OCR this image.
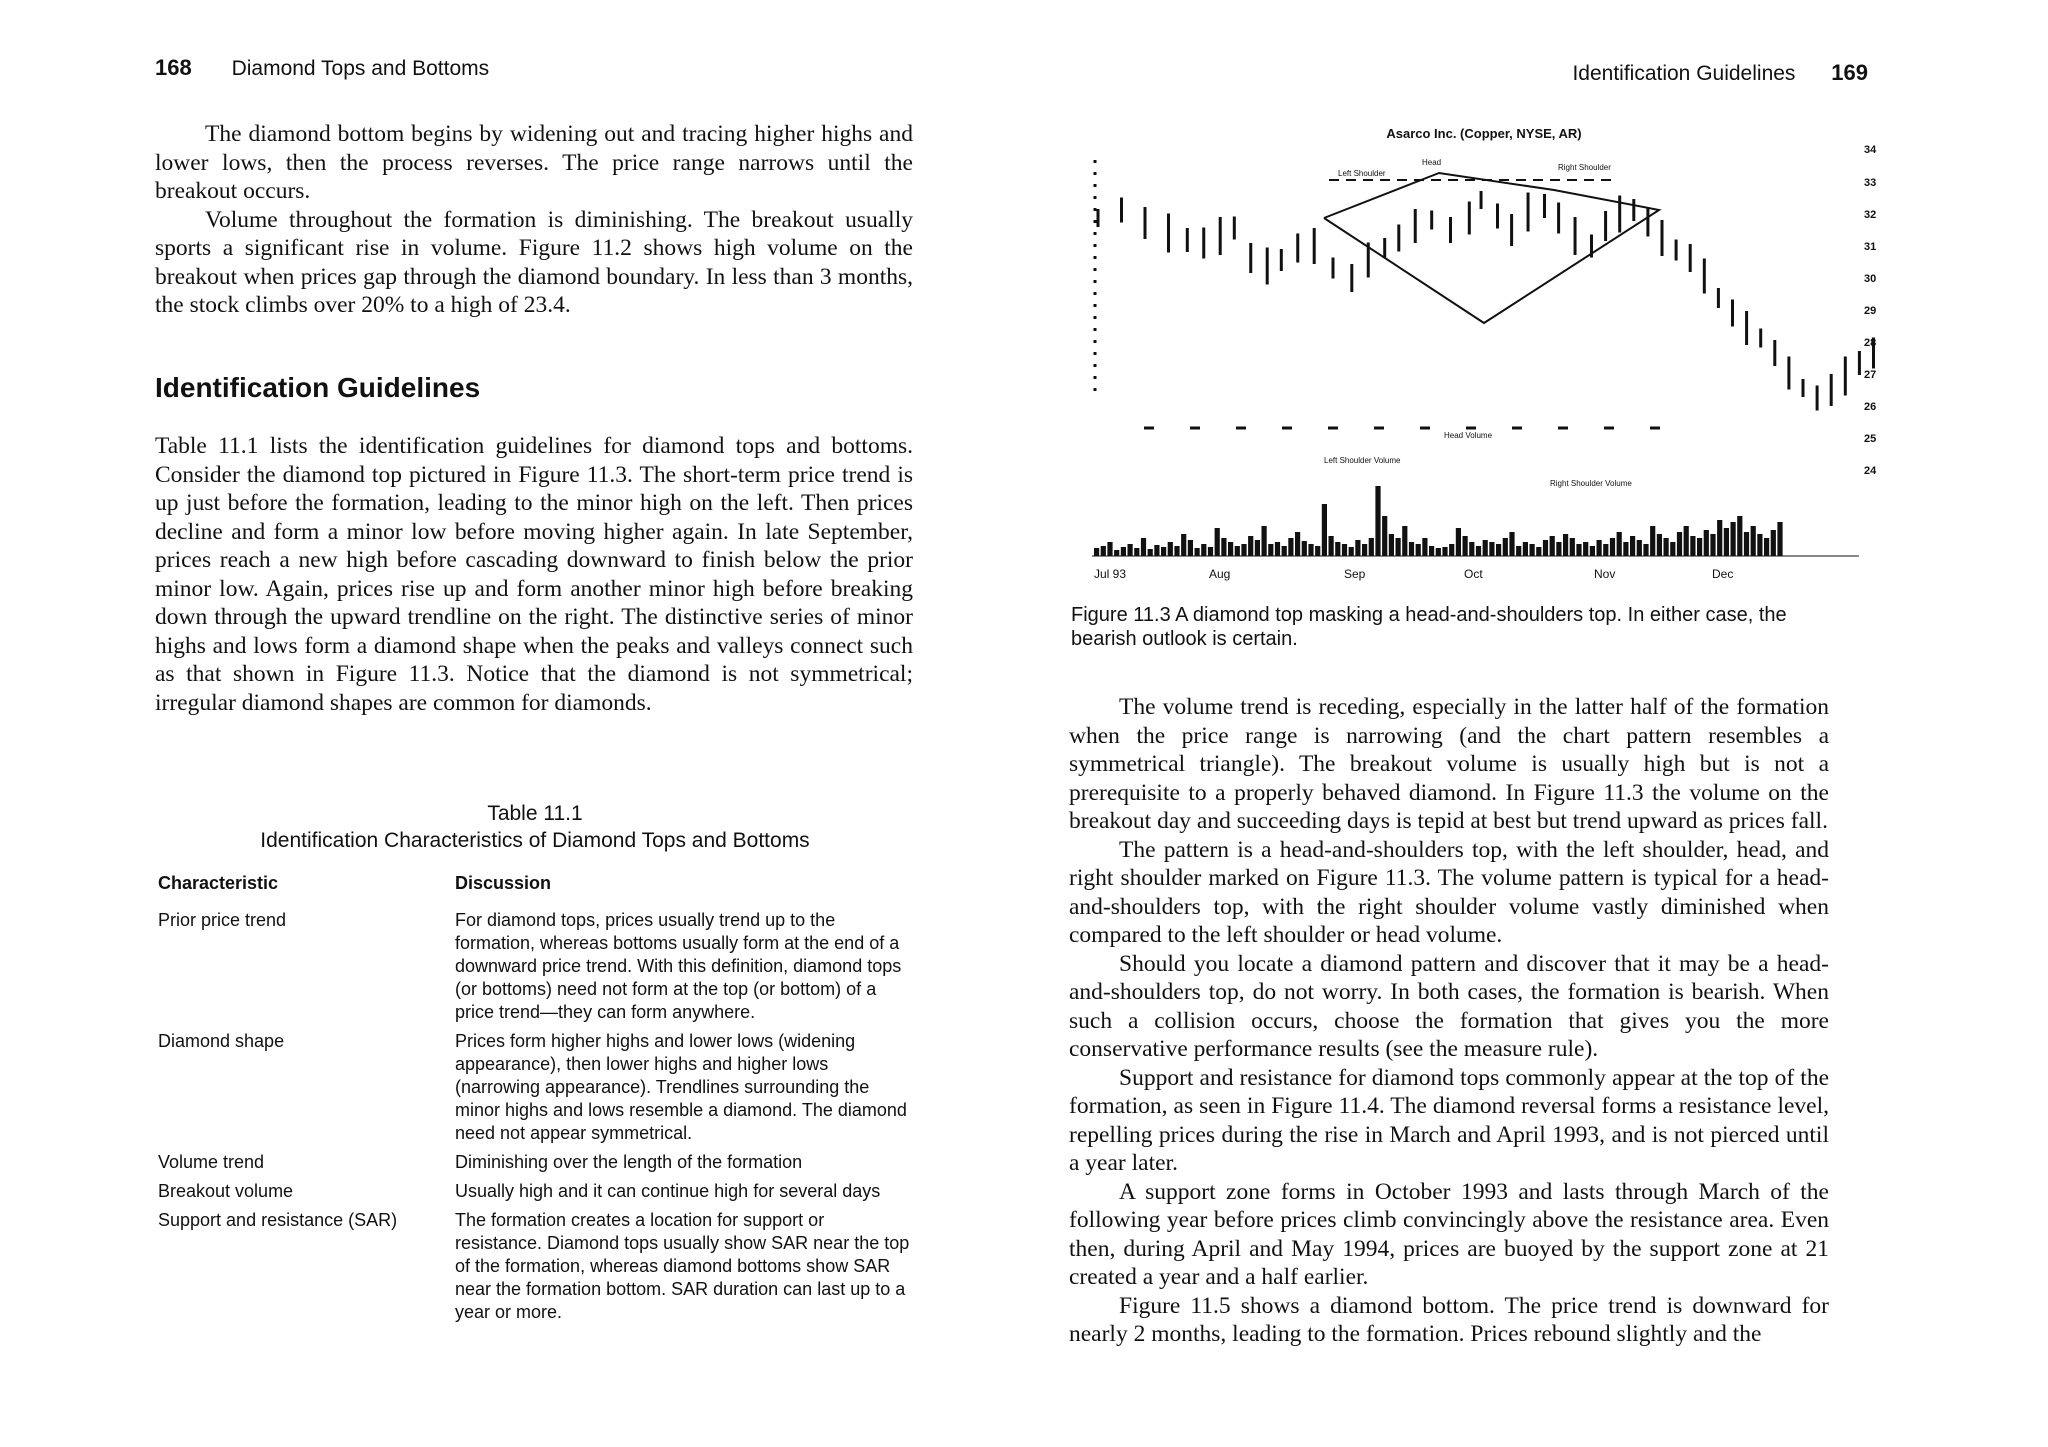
168 Diamond Tops and Bottoms

The diamond bottom begins by widening out and tracing higher highs and lower lows, then the process reverses. The price range narrows until the breakout occurs.

Volume throughout the formation is diminishing. The breakout usually sports a significant rise in volume. Figure 11.2 shows high volume on the breakout when prices gap through the diamond boundary. In less than 3 months, the stock climbs over 20% to a high of 23.4.

Identification Guidelines

Table 11.1 lists the identification guidelines for diamond tops and bottoms. Consider the diamond top pictured in Figure 11.3. The short-term price trend is up just before the formation, leading to the minor high on the left. Then prices decline and form a minor low before moving higher again. In late September, prices reach a new high before cascading downward to finish below the prior minor low. Again, prices rise up and form another minor high before breaking down through the upward trendline on the right. The distinctive series of minor highs and lows form a diamond shape when the peaks and valleys connect such as that shown in Figure 11.3. Notice that the diamond is not symmetrical; irregular diamond shapes are common for diamonds.

Table 11.1
Identification Characteristics of Diamond Tops and Bottoms
Characteristic	Discussion
Prior price trend	For diamond tops, prices usually trend up to the formation, whereas bottoms usually form at the end of a downward price trend. With this definition, diamond tops (or bottoms) need not form at the top (or bottom) of a price trend—they can form anywhere.
Diamond shape	Prices form higher highs and lower lows (widening appearance), then lower highs and higher lows (narrowing appearance). Trendlines surrounding the minor highs and lows resemble a diamond. The diamond need not appear symmetrical.
Volume trend	Diminishing over the length of the formation
Breakout volume	Usually high and it can continue high for several days
Support and resistance (SAR)	The formation creates a location for support or resistance. Diamond tops usually show SAR near the top of the formation, whereas diamond bottoms show SAR near the formation bottom. SAR duration can last up to a year or more.
Identification Guidelines 169
Asarco Inc. (Copper, NYSE, AR)
Left Shoulder
Head
Right Shoulder
Left Shoulder Volume
Head Volume
Right Shoulder Volume
34
33
32
31
30
29
28
27
26
25
24
Jul 93	Aug	Sep	Oct	Nov	Dec
Figure 11.3 A diamond top masking a head-and-shoulders top. In either case, the bearish outlook is certain.

The volume trend is receding, especially in the latter half of the formation when the price range is narrowing (and the chart pattern resembles a symmetrical triangle). The breakout volume is usually high but is not a prerequisite to a properly behaved diamond. In Figure 11.3 the volume on the breakout day and succeeding days is tepid at best but trend upward as prices fall.

The pattern is a head-and-shoulders top, with the left shoulder, head, and right shoulder marked on Figure 11.3. The volume pattern is typical for a head-and-shoulders top, with the right shoulder volume vastly diminished when compared to the left shoulder or head volume.

Should you locate a diamond pattern and discover that it may be a head-and-shoulders top, do not worry. In both cases, the formation is bearish. When such a collision occurs, choose the formation that gives you the more conservative performance results (see the measure rule).

Support and resistance for diamond tops commonly appear at the top of the formation, as seen in Figure 11.4. The diamond reversal forms a resistance level, repelling prices during the rise in March and April 1993, and is not pierced until a year later.

A support zone forms in October 1993 and lasts through March of the following year before prices climb convincingly above the resistance area. Even then, during April and May 1994, prices are buoyed by the support zone at 21 created a year and a half earlier.

Figure 11.5 shows a diamond bottom. The price trend is downward for nearly 2 months, leading to the formation. Prices rebound slightly and the
